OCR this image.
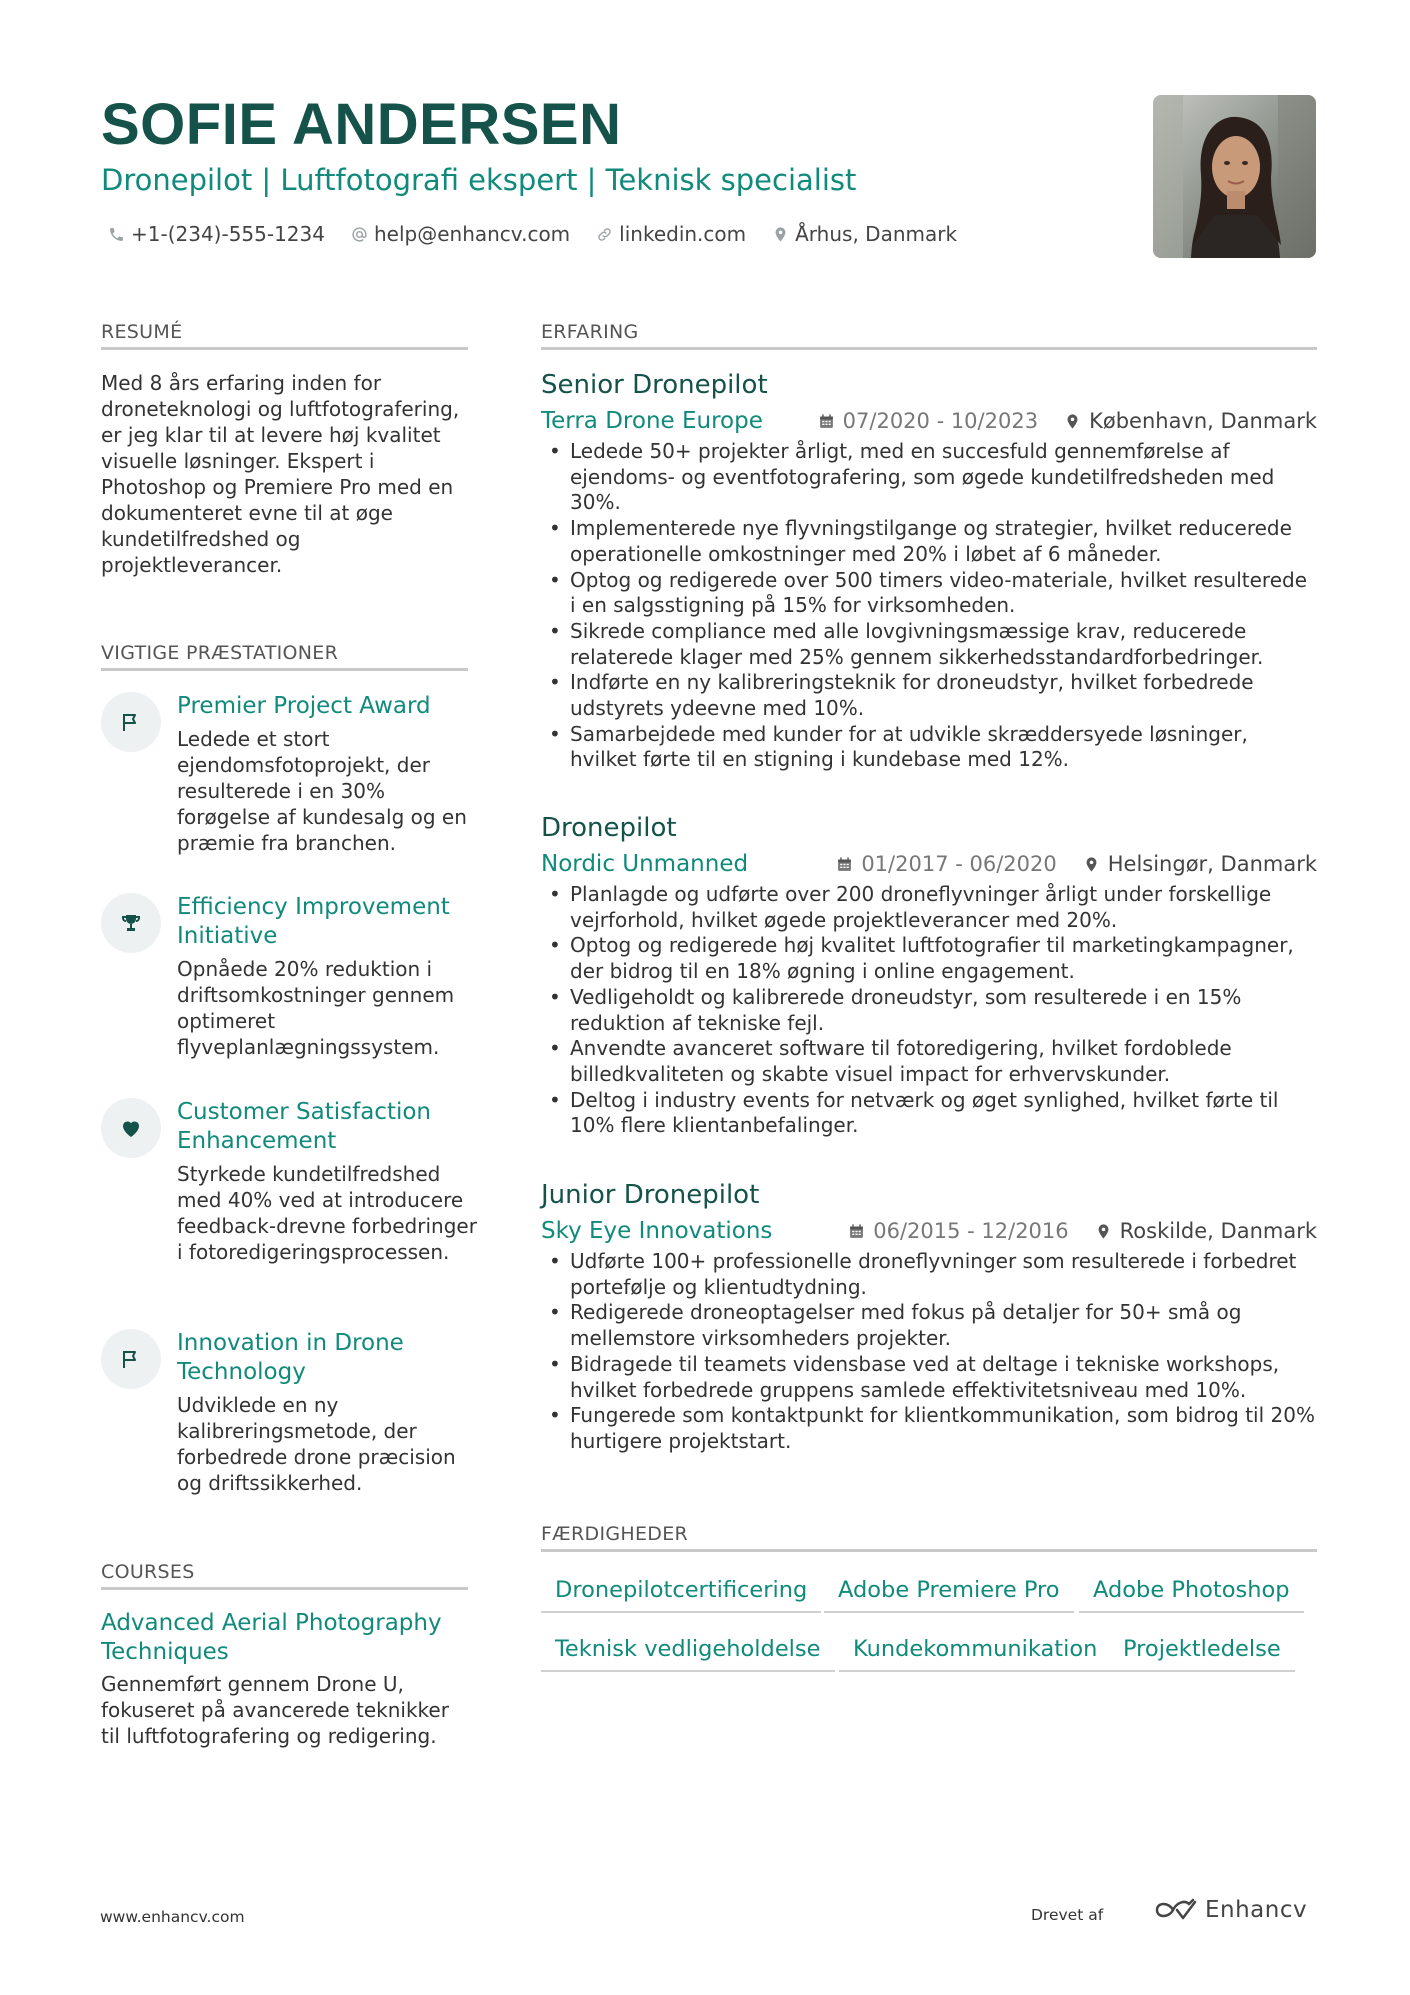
SOFIE ANDERSEN

Dronepilot | Luftfotografi ekspert | Teknisk specialist

+1-(234)-555-1234 help@enhancv.com linkedin.com Århus, Danmark
RESUMÉ

Med 8 års erfaring inden for droneteknologi og luftfotografering, er jeg klar til at levere høj kvalitet visuelle løsninger. Ekspert i Photoshop og Premiere Pro med en dokumenteret evne til at øge kundetilfredshed og projektleverancer.

VIGTIGE PRÆSTATIONER

Premier Project Award

Ledede et stort ejendomsfotoprojekt, der resulterede i en 30% forøgelse af kundesalg og en præmie fra branchen.

Efficiency Improvement Initiative

Opnåede 20% reduktion i driftsomkostninger gennem optimeret flyveplanlægningssystem.

Customer Satisfaction Enhancement

Styrkede kundetilfredshed med 40% ved at introducere feedback-drevne forbedringer i fotoredigeringsprocessen.

Innovation in Drone Technology

Udviklede en ny kalibreringsmetode, der forbedrede drone præcision og driftssikkerhed.

COURSES

Advanced Aerial Photography Techniques

Gennemført gennem Drone U, fokuseret på avancerede teknikker til luftfotografering og redigering.

ERFARING

Senior Dronepilot

Terra Drone Europe	07/2020 - 10/2023 København, Danmark
• Ledede 50+ projekter årligt, med en succesfuld gennemførelse af ejendoms- og eventfotografering, som øgede kundetilfredsheden med 30%.
• Implementerede nye flyvningstilgange og strategier, hvilket reducerede operationelle omkostninger med 20% i løbet af 6 måneder.
• Optog og redigerede over 500 timers video-materiale, hvilket resulterede i en salgsstigning på 15% for virksomheden.
• Sikrede compliance med alle lovgivningsmæssige krav, reducerede relaterede klager med 25% gennem sikkerhedsstandardforbedringer.
• Indførte en ny kalibreringsteknik for droneudstyr, hvilket forbedrede udstyrets ydeevne med 10%.
• Samarbejdede med kunder for at udvikle skræddersyede løsninger, hvilket førte til en stigning i kundebase med 12%.

Dronepilot

Nordic Unmanned	01/2017 - 06/2020 Helsingør, Danmark
• Planlagde og udførte over 200 droneflyvninger årligt under forskellige vejrforhold, hvilket øgede projektleverancer med 20%.
• Optog og redigerede høj kvalitet luftfotografier til marketingkampagner, der bidrog til en 18% øgning i online engagement.
• Vedligeholdt og kalibrerede droneudstyr, som resulterede i en 15% reduktion af tekniske fejl.
• Anvendte avanceret software til fotoredigering, hvilket fordoblede billedkvaliteten og skabte visuel impact for erhvervskunder.
• Deltog i industry events for netværk og øget synlighed, hvilket førte til 10% flere klientanbefalinger.

Junior Dronepilot

Sky Eye Innovations	06/2015 - 12/2016 Roskilde, Danmark
• Udførte 100+ professionelle droneflyvninger som resulterede i forbedret portefølje og klientudtydning.
• Redigerede droneoptagelser med fokus på detaljer for 50+ små og mellemstore virksomheders projekter.
• Bidragede til teamets vidensbase ved at deltage i tekniske workshops, hvilket forbedrede gruppens samlede effektivitetsniveau med 10%.
• Fungerede som kontaktpunkt for klientkommunikation, som bidrog til 20% hurtigere projektstart.
FÆRDIGHEDER
Dronepilotcertificering	Adobe Premiere Pro	Adobe Photoshop
Teknisk vedligeholdelse	Kundekommunikation	Projektledelse
www.enhancv.com	Drevet af	Enhancv
